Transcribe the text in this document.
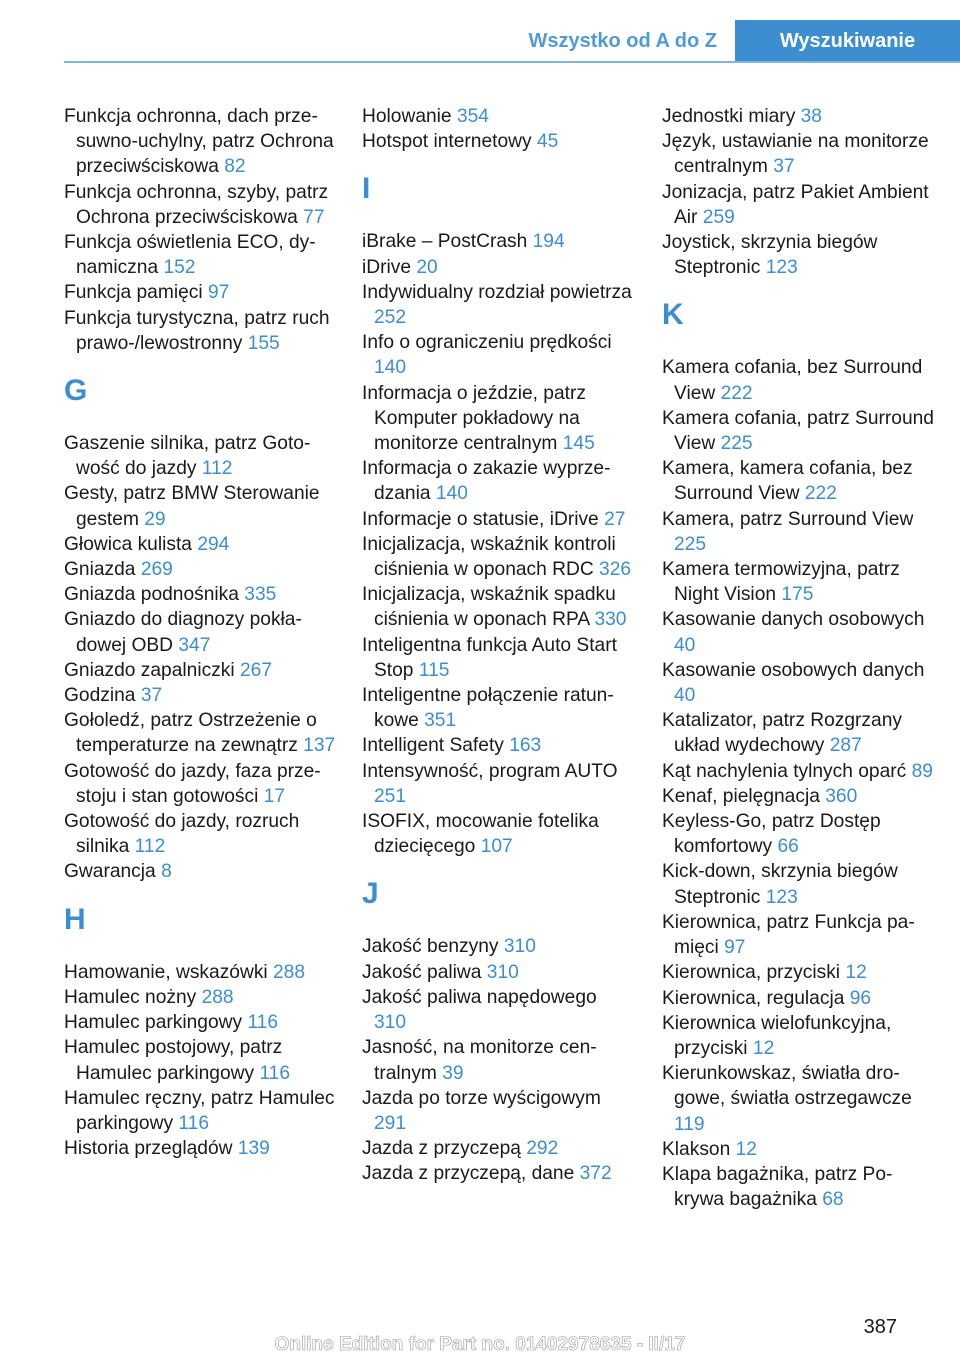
Wszystko od A do Z	Wyszukiwanie

Funkcja ochronna, dach przesuwno-uchylny, patrz Ochrona przeciwściskowa 82

Funkcja ochronna, szyby, patrz Ochrona przeciwściskowa 77

Funkcja oświetlenia ECO, dynamiczna 152

Funkcja pamięci 97

Funkcja turystyczna, patrz ruch prawo-/lewostronny 155

G

Gaszenie silnika, patrz Gotowość do jazdy 112

Gesty, patrz BMW Sterowanie gestem 29

Głowica kulista 294

Gniazda 269

Gniazda podnośnika 335

Gniazdo do diagnozy pokładowej OBD 347

Gniazdo zapalniczki 267

Godzina 37

Gołoledź, patrz Ostrzeżenie o temperaturze na zewnątrz 137

Gotowość do jazdy, faza przestoju i stan gotowości 17

Gotowość do jazdy, rozruch silnika 112

Gwarancja 8

H

Hamowanie, wskazówki 288

Hamulec nożny 288

Hamulec parkingowy 116

Hamulec postojowy, patrz Hamulec parkingowy 116

Hamulec ręczny, patrz Hamulec parkingowy 116

Historia przeglądów 139

Holowanie 354

Hotspot internetowy 45

I

iBrake – PostCrash 194

iDrive 20

Indywidualny rozdział powietrza 252

Info o ograniczeniu prędkości 140

Informacja o jeździe, patrz Komputer pokładowy na monitorze centralnym 145

Informacja o zakazie wyprzedzania 140

Informacje o statusie, iDrive 27

Inicjalizacja, wskaźnik kontroli ciśnienia w oponach RDC 326

Inicjalizacja, wskaźnik spadku ciśnienia w oponach RPA 330

Inteligentna funkcja Auto Start Stop 115

Inteligentne połączenie ratunkowe 351

Intelligent Safety 163

Intensywność, program AUTO 251

ISOFIX, mocowanie fotelika dziecięcego 107

J

Jakość benzyny 310

Jakość paliwa 310

Jakość paliwa napędowego 310

Jasność, na monitorze centralnym 39

Jazda po torze wyścigowym 291

Jazda z przyczepą 292

Jazda z przyczepą, dane 372

Jednostki miary 38

Język, ustawianie na monitorze centralnym 37

Jonizacja, patrz Pakiet Ambient Air 259

Joystick, skrzynia biegów Steptronic 123

K

Kamera cofania, bez Surround View 222

Kamera cofania, patrz Surround View 225

Kamera, kamera cofania, bez Surround View 222

Kamera, patrz Surround View 225

Kamera termowizyjna, patrz Night Vision 175

Kasowanie danych osobowych 40

Kasowanie osobowych danych 40

Katalizator, patrz Rozgrzany układ wydechowy 287

Kąt nachylenia tylnych oparć 89

Kenaf, pielęgnacja 360

Keyless-Go, patrz Dostęp komfortowy 66

Kick-down, skrzynia biegów Steptronic 123

Kierownica, patrz Funkcja pamięci 97

Kierownica, przyciski 12

Kierownica, regulacja 96

Kierownica wielofunkcyjna, przyciski 12

Kierunkowskaz, światła drogowe, światła ostrzegawcze 119

Klakson 12

Klapa bagażnika, patrz Pokrywa bagażnika 68

387
Online Edition for Part no. 01402978635 - II/17
